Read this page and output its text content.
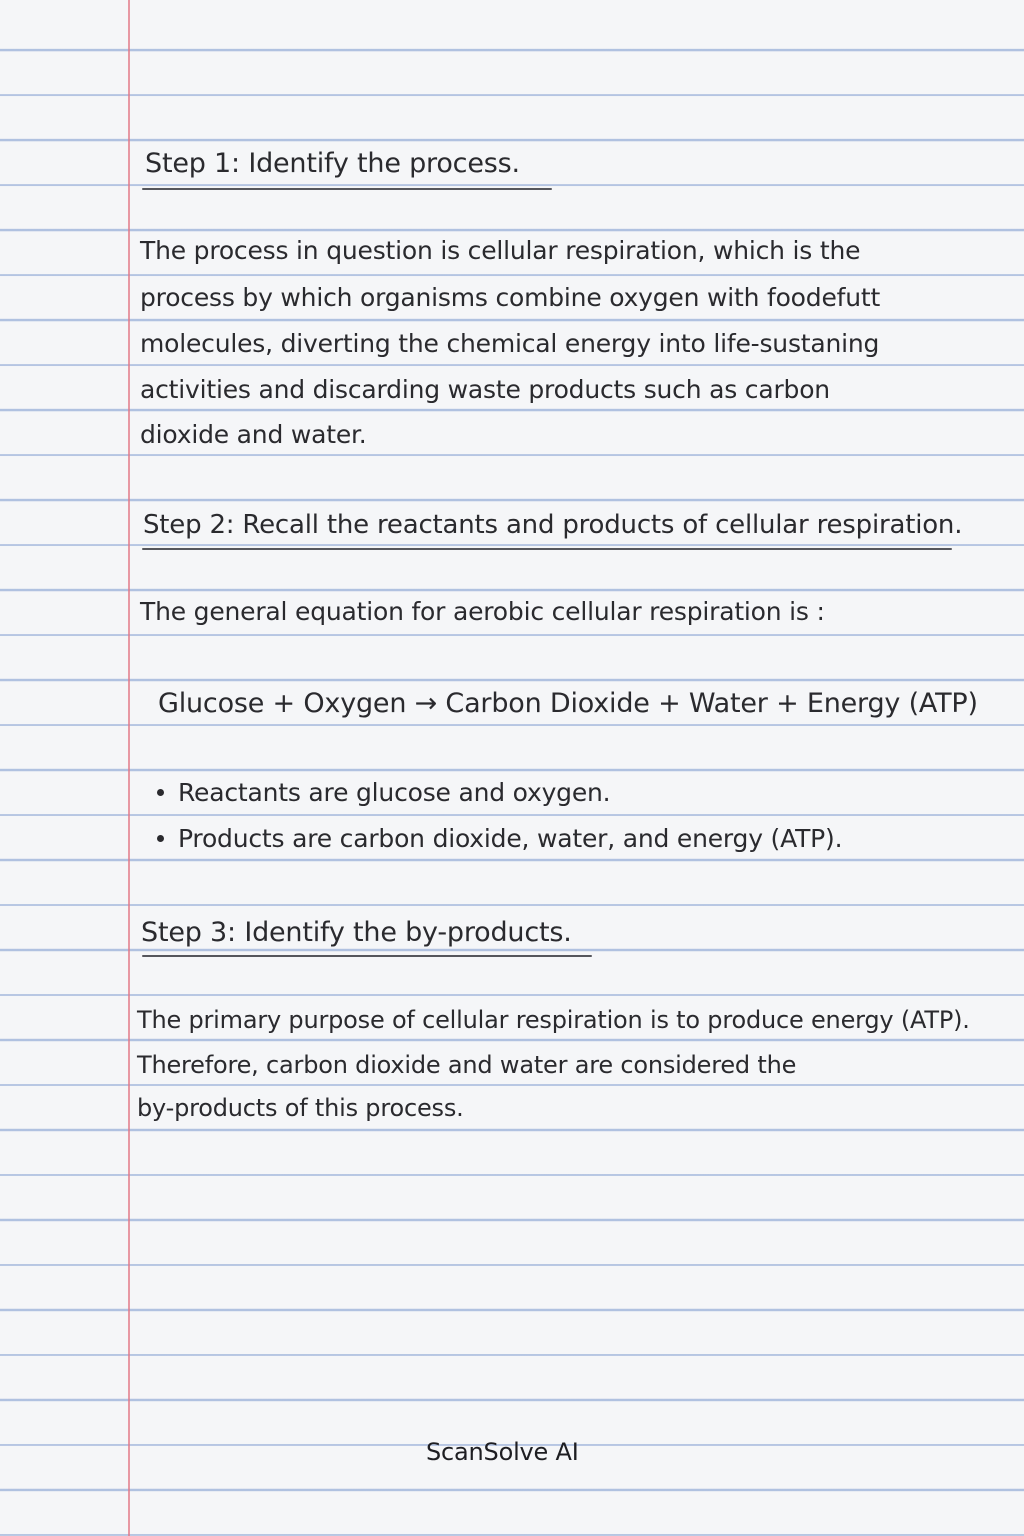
Step 1: Identify the process.

The process in question is cellular respiration, which is the

process by which organisms combine oxygen with foodefutt

molecules, diverting the chemical energy into life-sustaning

activities and discarding waste products such as carbon

dioxide and water.

Step 2: Recall the reactants and products of cellular respiration.

The general equation for aerobic cellular respiration is :

Glucose + Oxygen → Carbon Dioxide + Water + Energy (ATP)

Reactants are glucose and oxygen.

Products are carbon dioxide, water, and energy (ATP).

Step 3: Identify the by-products.

The primary purpose of cellular respiration is to produce energy (ATP).

Therefore, carbon dioxide and water are considered the

by-products of this process.

ScanSolve AI
